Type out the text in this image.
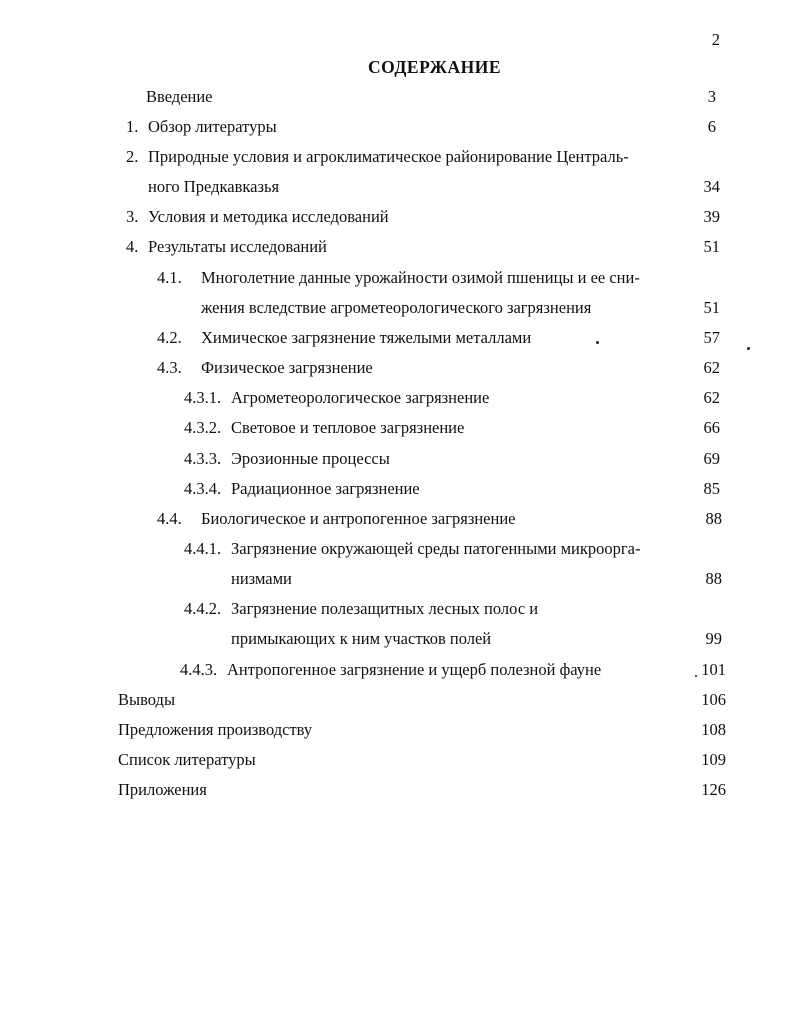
2
СОДЕРЖАНИЕ
Введение	3
1. Обзор литературы	6
2. Природные условия и агроклиматическое районирование Централь-
ного Предкавказья	34
3. Условия и методика исследований	39
4. Результаты исследований	51
4.1. Многолетние данные урожайности озимой пшеницы и ее сни-
жения вследствие агрометеорологического загрязнения	51
4.2. Химическое загрязнение тяжелыми металлами	57
4.3. Физическое загрязнение	62
4.3.1. Агрометеорологическое загрязнение	62
4.3.2. Световое и тепловое загрязнение	66
4.3.3. Эрозионные процессы	69
4.3.4. Радиационное загрязнение	85
4.4. Биологическое и антропогенное загрязнение	88
4.4.1. Загрязнение окружающей среды патогенными микроорга-
низмами	88
4.4.2. Загрязнение полезащитных лесных полос и
примыкающих к ним участков полей	99
4.4.3. Антропогенное загрязнение и ущерб полезной фауне	101
Выводы	106
Предложения производству	108
Список литературы	109
Приложения	126
